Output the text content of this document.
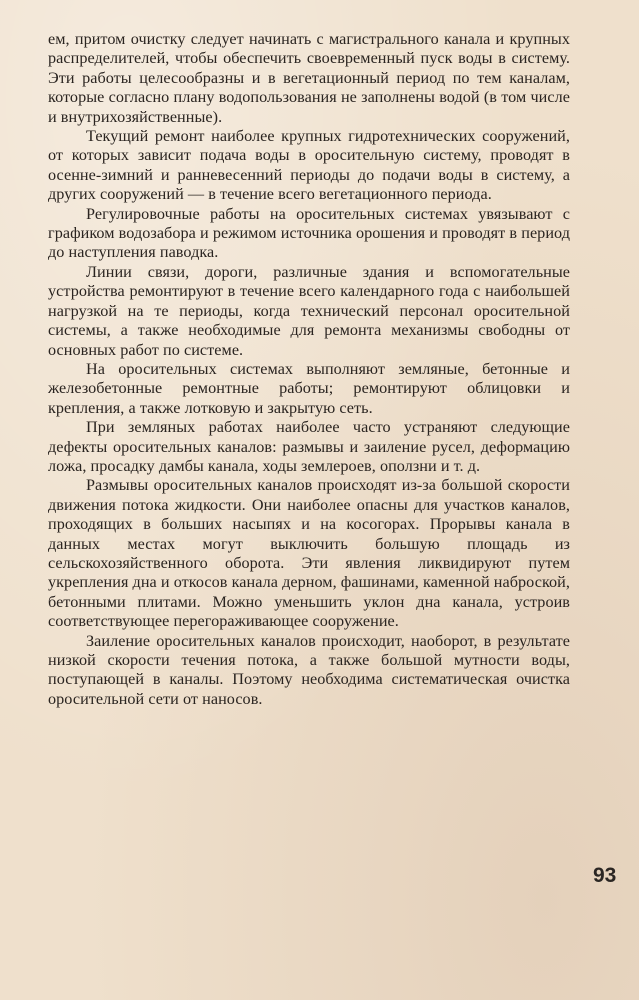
ем, притом очистку следует начинать с магистрального канала и крупных распределителей, чтобы обеспечить своевременный пуск воды в систему. Эти работы целесообразны и в вегетационный период по тем каналам, которые согласно плану водопользования не заполнены водой (в том числе и внутрихозяйственные).

Текущий ремонт наиболее крупных гидротехнических сооружений, от которых зависит подача воды в оросительную систему, проводят в осенне-зимний и ранневесенний периоды до подачи воды в систему, а других сооружений — в течение всего вегетационного периода.

Регулировочные работы на оросительных системах увязывают с графиком водозабора и режимом источника орошения и проводят в период до наступления паводка.

Линии связи, дороги, различные здания и вспомогательные устройства ремонтируют в течение всего календарного года с наибольшей нагрузкой на те периоды, когда технический персонал оросительной системы, а также необходимые для ремонта механизмы свободны от основных работ по системе.

На оросительных системах выполняют земляные, бетонные и железобетонные ремонтные работы; ремонтируют облицовки и крепления, а также лотковую и закрытую сеть.

При земляных работах наиболее часто устраняют следующие дефекты оросительных каналов: размывы и заиление русел, деформацию ложа, просадку дамбы канала, ходы землероев, оползни и т. д.

Размывы оросительных каналов происходят из-за большой скорости движения потока жидкости. Они наиболее опасны для участков каналов, проходящих в больших насыпях и на косогорах. Прорывы канала в данных местах могут выключить большую площадь из сельскохозяйственного оборота. Эти явления ликвидируют путем укрепления дна и откосов канала дерном, фашинами, каменной наброской, бетонными плитами. Можно уменьшить уклон дна канала, устроив соответствующее перегораживающее сооружение.

Заиление оросительных каналов происходит, наоборот, в результате низкой скорости течения потока, а также большой мутности воды, поступающей в каналы. Поэтому необходима систематическая очистка оросительной сети от наносов.

93
